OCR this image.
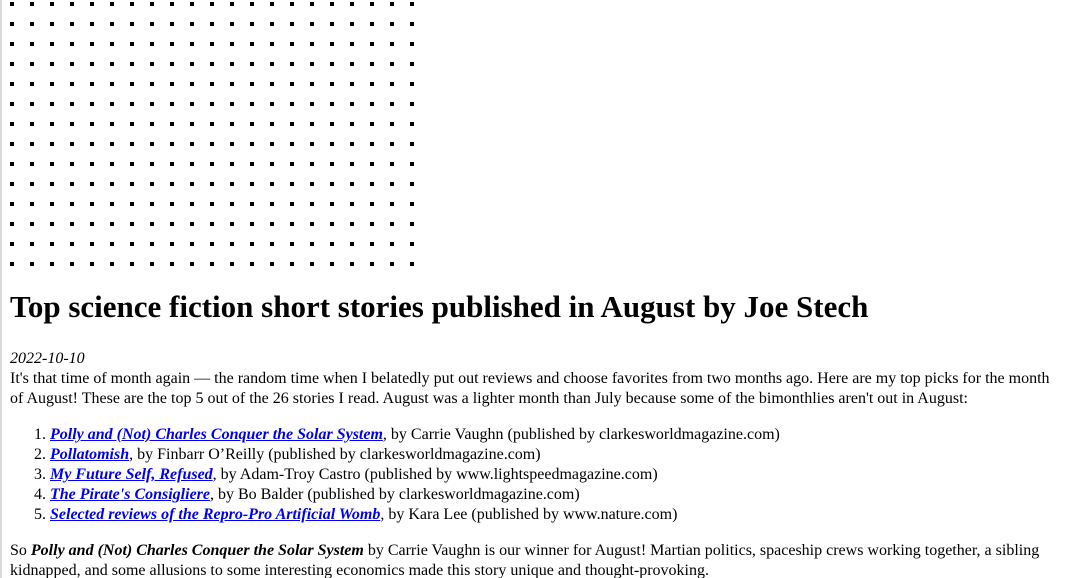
Top science fiction short stories published in August by Joe Stech
2022-10-10

It's that time of month again — the random time when I belatedly put out reviews and choose favorites from two months ago. Here are my top picks for the month of August! These are the top 5 out of the 26 stories I read. August was a lighter month than July because some of the bimonthlies aren't out in August:

1. Polly and (Not) Charles Conquer the Solar System, by Carrie Vaughn (published by clarkesworldmagazine.com)
2. Pollatomish, by Finbarr O’Reilly (published by clarkesworldmagazine.com)
3. My Future Self, Refused, by Adam-Troy Castro (published by www.lightspeedmagazine.com)
4. The Pirate's Consigliere, by Bo Balder (published by clarkesworldmagazine.com)
5. Selected reviews of the Repro-Pro Artificial Womb, by Kara Lee (published by www.nature.com)

So Polly and (Not) Charles Conquer the Solar System by Carrie Vaughn is our winner for August! Martian politics, spaceship crews working together, a sibling kidnapped, and some allusions to some interesting economics made this story unique and thought-provoking.
